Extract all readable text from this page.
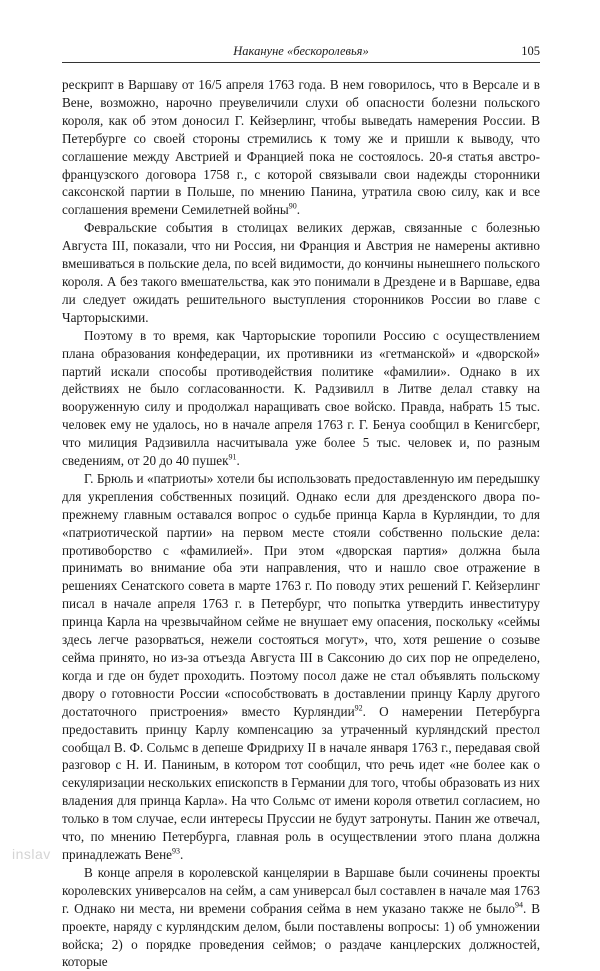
Накануне «бескоролевья»	105

рескрипт в Варшаву от 16/5 апреля 1763 года. В нем говорилось, что в Версале и в Вене, возможно, нарочно преувеличили слухи об опасности болезни польского короля, как об этом доносил Г. Кейзерлинг, чтобы выведать намерения России. В Петербурге со своей стороны стремились к тому же и пришли к выводу, что соглашение между Австрией и Францией пока не состоялось. 20-я статья австро-французского договора 1758 г., с которой связывали свои надежды сторонники саксонской партии в Польше, по мнению Панина, утратила свою силу, как и все соглашения времени Семилетней войны$^{90}$.

Февральские события в столицах великих держав, связанные с болезнью Августа III, показали, что ни Россия, ни Франция и Австрия не намерены активно вмешиваться в польские дела, по всей видимости, до кончины нынешнего польского короля. А без такого вмешательства, как это понимали в Дрездене и в Варшаве, едва ли следует ожидать решительного выступления сторонников России во главе с Чарторыскими.

Поэтому в то время, как Чарторыские торопили Россию с осуществлением плана образования конфедерации, их противники из «гетманской» и «дворской» партий искали способы противодействия политике «фамилии». Однако в их действиях не было согласованности. К. Радзивилл в Литве делал ставку на вооруженную силу и продолжал наращивать свое войско. Правда, набрать 15 тыс. человек ему не удалось, но в начале апреля 1763 г. Г. Бенуа сообщил в Кенигсберг, что милиция Радзивилла насчитывала уже более 5 тыс. человек и, по разным сведениям, от 20 до 40 пушек$^{91}$.

Г. Брюль и «патриоты» хотели бы использовать предоставленную им передышку для укрепления собственных позиций. Однако если для дрезденского двора по-прежнему главным оставался вопрос о судьбе принца Карла в Курляндии, то для «патриотической партии» на первом месте стояли собственно польские дела: противоборство с «фамилией». При этом «дворская партия» должна была принимать во внимание оба эти направления, что и нашло свое отражение в решениях Сенатского совета в марте 1763 г. По поводу этих решений Г. Кейзерлинг писал в начале апреля 1763 г. в Петербург, что попытка утвердить инвеституру принца Карла на чрезвычайном сейме не внушает ему опасения, поскольку «сеймы здесь легче разорваться, нежели состояться могут», что, хотя решение о созыве сейма принято, но из-за отъезда Августа III в Саксонию до сих пор не определено, когда и где он будет проходить. Поэтому посол даже не стал объявлять польскому двору о готовности России «способствовать в доставлении принцу Карлу другого достаточного пристроения» вместо Курляндии$^{92}$. О намерении Петербурга предоставить принцу Карлу компенсацию за утраченный курляндский престол сообщал В. Ф. Сольмс в депеше Фридриху II в начале января 1763 г., передавая свой разговор с Н. И. Паниным, в котором тот сообщил, что речь идет «не более как о секуляризации нескольких епископств в Германии для того, чтобы образовать из них владения для принца Карла». На что Сольмс от имени короля ответил согласием, но только в том случае, если интересы Пруссии не будут затронуты. Панин же отвечал, что, по мнению Петербурга, главная роль в осуществлении этого плана должна принадлежать Вене$^{93}$.

В конце апреля в королевской канцелярии в Варшаве были сочинены проекты королевских универсалов на сейм, а сам универсал был составлен в начале мая 1763 г. Однако ни места, ни времени собрания сейма в нем указано также не было$^{94}$. В проекте, наряду с курляндским делом, были поставлены вопросы: 1) об умножении войска; 2) о порядке проведения сеймов; о раздаче канцлерских должностей, которые

inslav
